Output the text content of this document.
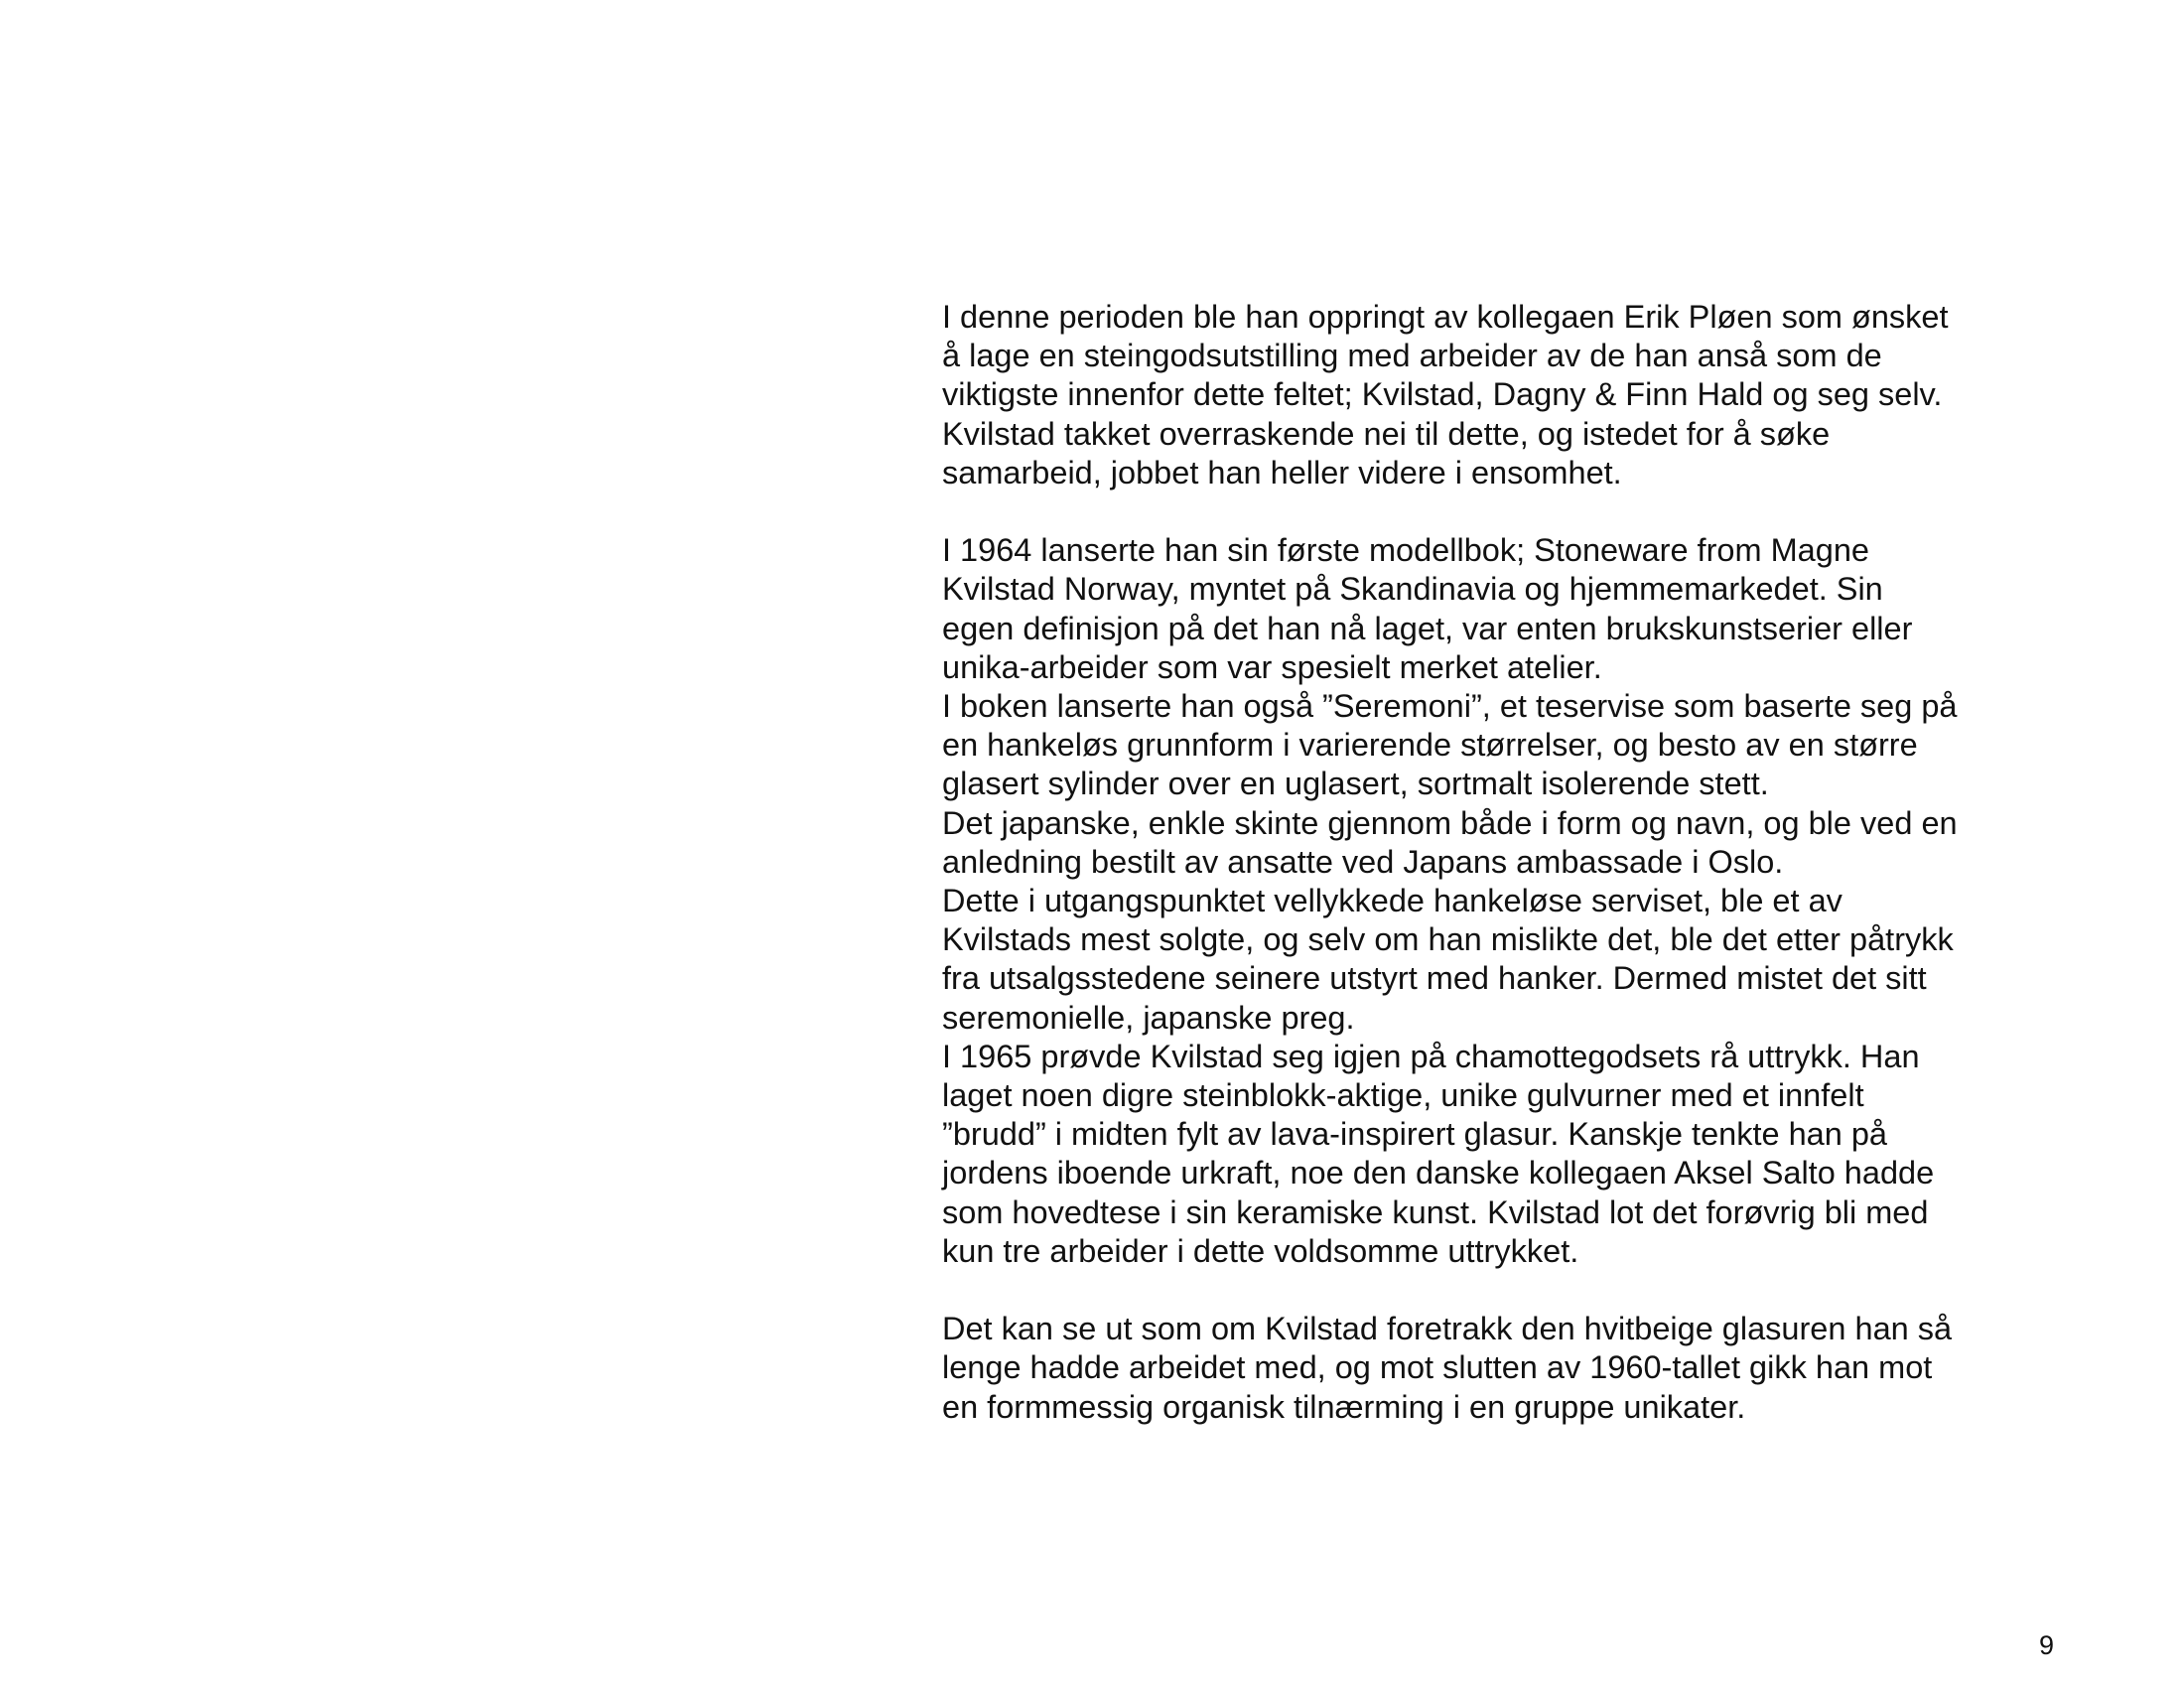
I denne perioden ble han oppringt av kollegaen Erik Pløen som ønsket
å lage en steingodsutstilling med arbeider av de han anså som de
viktigste innenfor dette feltet; Kvilstad, Dagny & Finn Hald og seg selv.
Kvilstad takket overraskende nei til dette, og istedet for å søke
samarbeid, jobbet han heller videre i ensomhet.
I 1964 lanserte han sin første modellbok; Stoneware from Magne
Kvilstad Norway, myntet på Skandinavia og hjemmemarkedet. Sin
egen definisjon på det han nå laget, var enten brukskunstserier eller
unika-arbeider som var spesielt merket atelier.
I boken lanserte han også ”Seremoni”, et teservise som baserte seg på
en hankeløs grunnform i varierende størrelser, og besto av en større
glasert sylinder over en uglasert, sortmalt isolerende stett.
Det japanske, enkle skinte gjennom både i form og navn, og ble ved en
anledning bestilt av ansatte ved Japans ambassade i Oslo.
Dette i utgangspunktet vellykkede hankeløse serviset, ble et av
Kvilstads mest solgte, og selv om han mislikte det, ble det etter påtrykk
fra utsalgsstedene seinere utstyrt med hanker. Dermed mistet det sitt
seremonielle, japanske preg.
I 1965 prøvde Kvilstad seg igjen på chamottegodsets rå uttrykk. Han
laget noen digre steinblokk-aktige, unike gulvurner med et innfelt
”brudd” i midten fylt av lava-inspirert glasur. Kanskje tenkte han på
jordens iboende urkraft, noe den danske kollegaen Aksel Salto hadde
som hovedtese i sin keramiske kunst. Kvilstad lot det forøvrig bli med
kun tre arbeider i dette voldsomme uttrykket.
Det kan se ut som om Kvilstad foretrakk den hvitbeige glasuren han så
lenge hadde arbeidet med, og mot slutten av 1960-tallet gikk han mot
en formmessig organisk tilnærming i en gruppe unikater.
9
